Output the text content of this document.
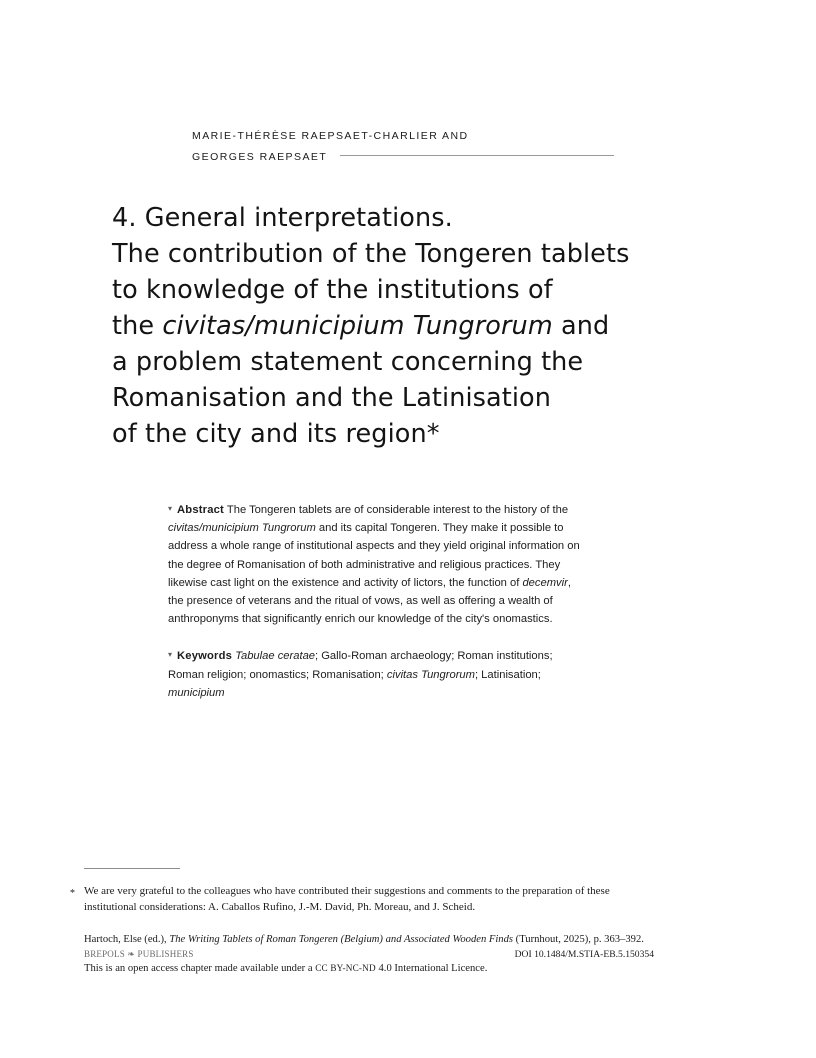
MARIE-THÉRÈSE RAEPSAET-CHARLIER AND
GEORGES RAEPSAET
4. General interpretations.
The contribution of the Tongeren tablets
to knowledge of the institutions of
the civitas/municipium Tungrorum and
a problem statement concerning the
Romanisation and the Latinisation
of the city and its region*

▾ Abstract The Tongeren tablets are of considerable interest to the history of the civitas/municipium Tungrorum and its capital Tongeren. They make it possible to address a whole range of institutional aspects and they yield original information on the degree of Romanisation of both administrative and religious practices. They likewise cast light on the existence and activity of lictors, the function of decemvir, the presence of veterans and the ritual of vows, as well as offering a wealth of anthroponyms that significantly enrich our knowledge of the city's onomastics.

▾ Keywords Tabulae ceratae; Gallo-Roman archaeology; Roman institutions; Roman religion; onomastics; Romanisation; civitas Tungrorum; Latinisation; municipium

* We are very grateful to the colleagues who have contributed their suggestions and comments to the preparation of these institutional considerations: A. Caballos Rufino, J.-M. David, Ph. Moreau, and J. Scheid.
Hartoch, Else (ed.), The Writing Tablets of Roman Tongeren (Belgium) and Associated Wooden Finds (Turnhout, 2025), p. 363–392.
BREPOLS ❧ PUBLISHERS	DOI 10.1484/M.STIA-EB.5.150354
This is an open access chapter made available under a CC BY-NC-ND 4.0 International Licence.
